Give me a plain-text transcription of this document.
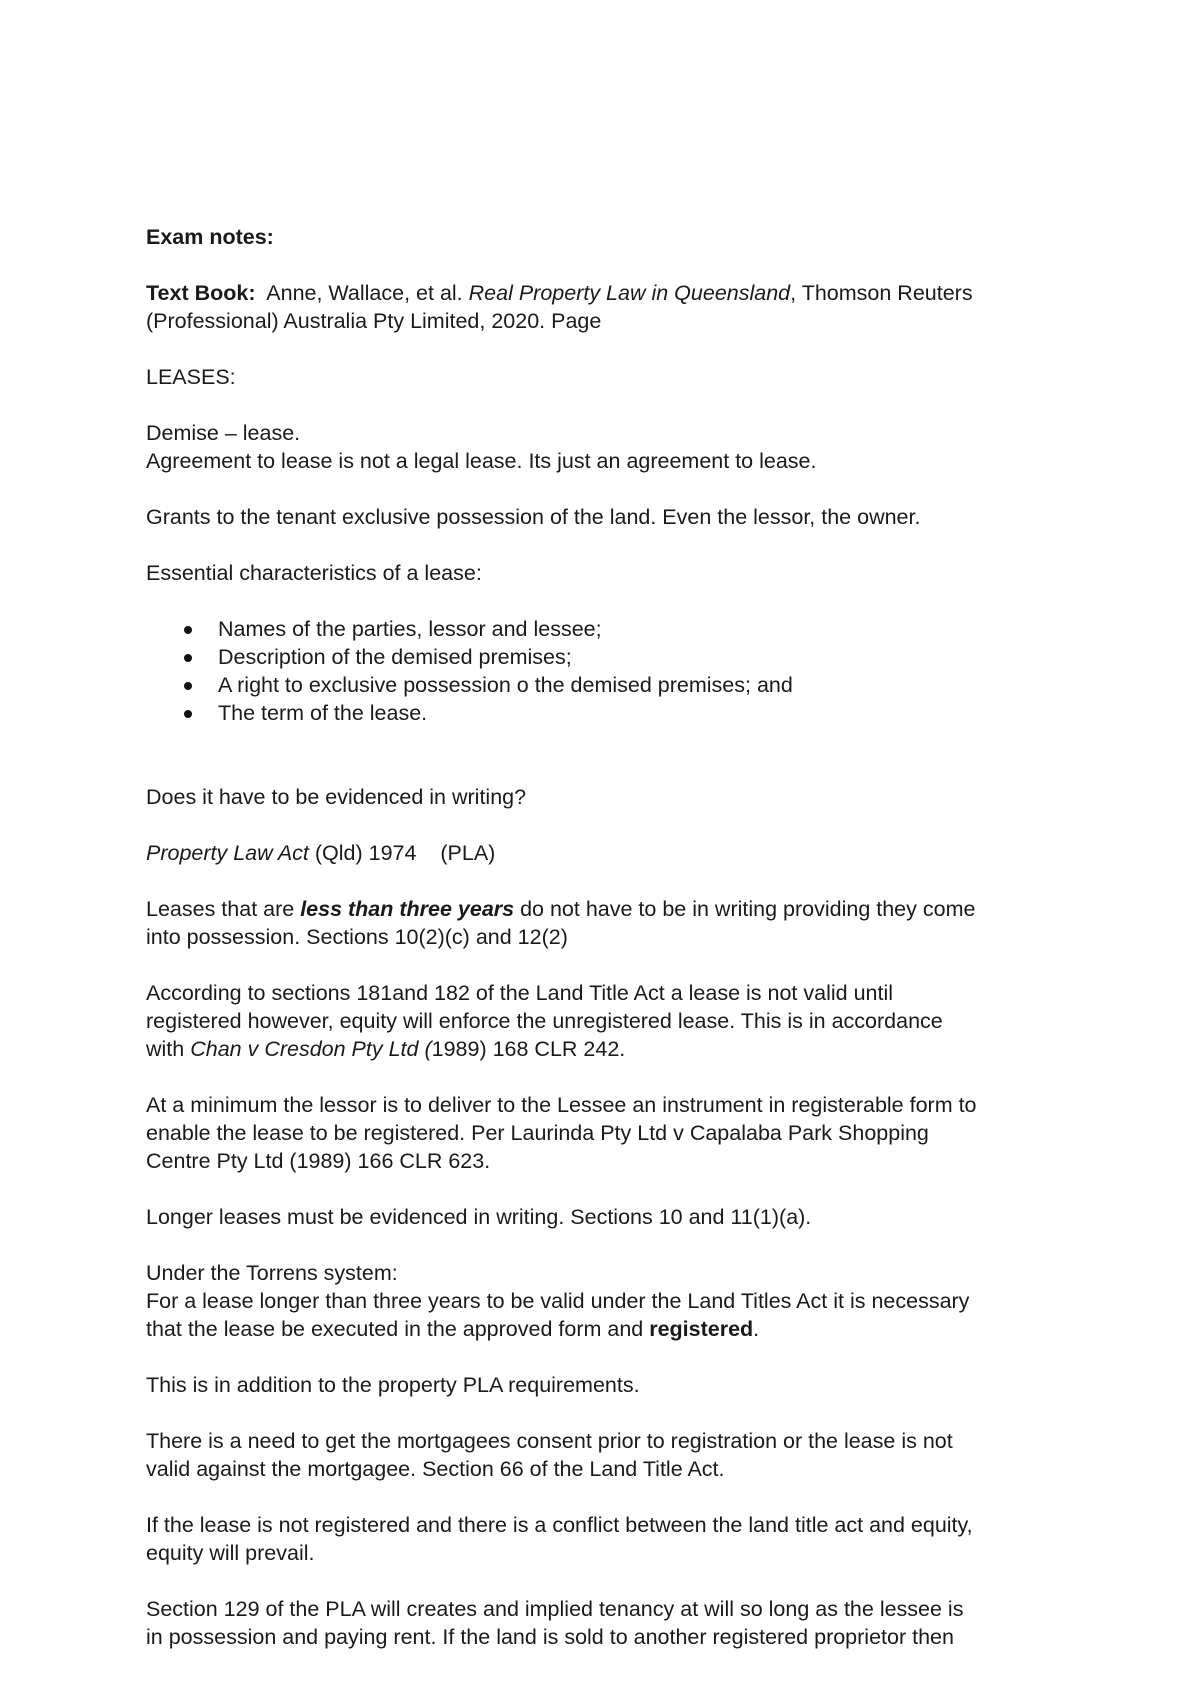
Exam notes:
Text Book: Anne, Wallace, et al. Real Property Law in Queensland, Thomson Reuters
(Professional) Australia Pty Limited, 2020. Page
LEASES:
Demise – lease.
Agreement to lease is not a legal lease. Its just an agreement to lease.
Grants to the tenant exclusive possession of the land. Even the lessor, the owner.
Essential characteristics of a lease:
Names of the parties, lessor and lessee;
Description of the demised premises;
A right to exclusive possession o the demised premises; and
The term of the lease.
Does it have to be evidenced in writing?
Property Law Act (Qld) 1974    (PLA)
Leases that are less than three years do not have to be in writing providing they come
into possession. Sections 10(2)(c) and 12(2)
According to sections 181and 182 of the Land Title Act a lease is not valid until
registered however, equity will enforce the unregistered lease. This is in accordance
with Chan v Cresdon Pty Ltd (1989) 168 CLR 242.
At a minimum the lessor is to deliver to the Lessee an instrument in registerable form to
enable the lease to be registered. Per Laurinda Pty Ltd v Capalaba Park Shopping
Centre Pty Ltd (1989) 166 CLR 623.
Longer leases must be evidenced in writing. Sections 10 and 11(1)(a).
Under the Torrens system:
For a lease longer than three years to be valid under the Land Titles Act it is necessary
that the lease be executed in the approved form and registered.
This is in addition to the property PLA requirements.
There is a need to get the mortgagees consent prior to registration or the lease is not
valid against the mortgagee. Section 66 of the Land Title Act.
If the lease is not registered and there is a conflict between the land title act and equity,
equity will prevail.
Section 129 of the PLA will creates and implied tenancy at will so long as the lessee is
in possession and paying rent. If the land is sold to another registered proprietor then
